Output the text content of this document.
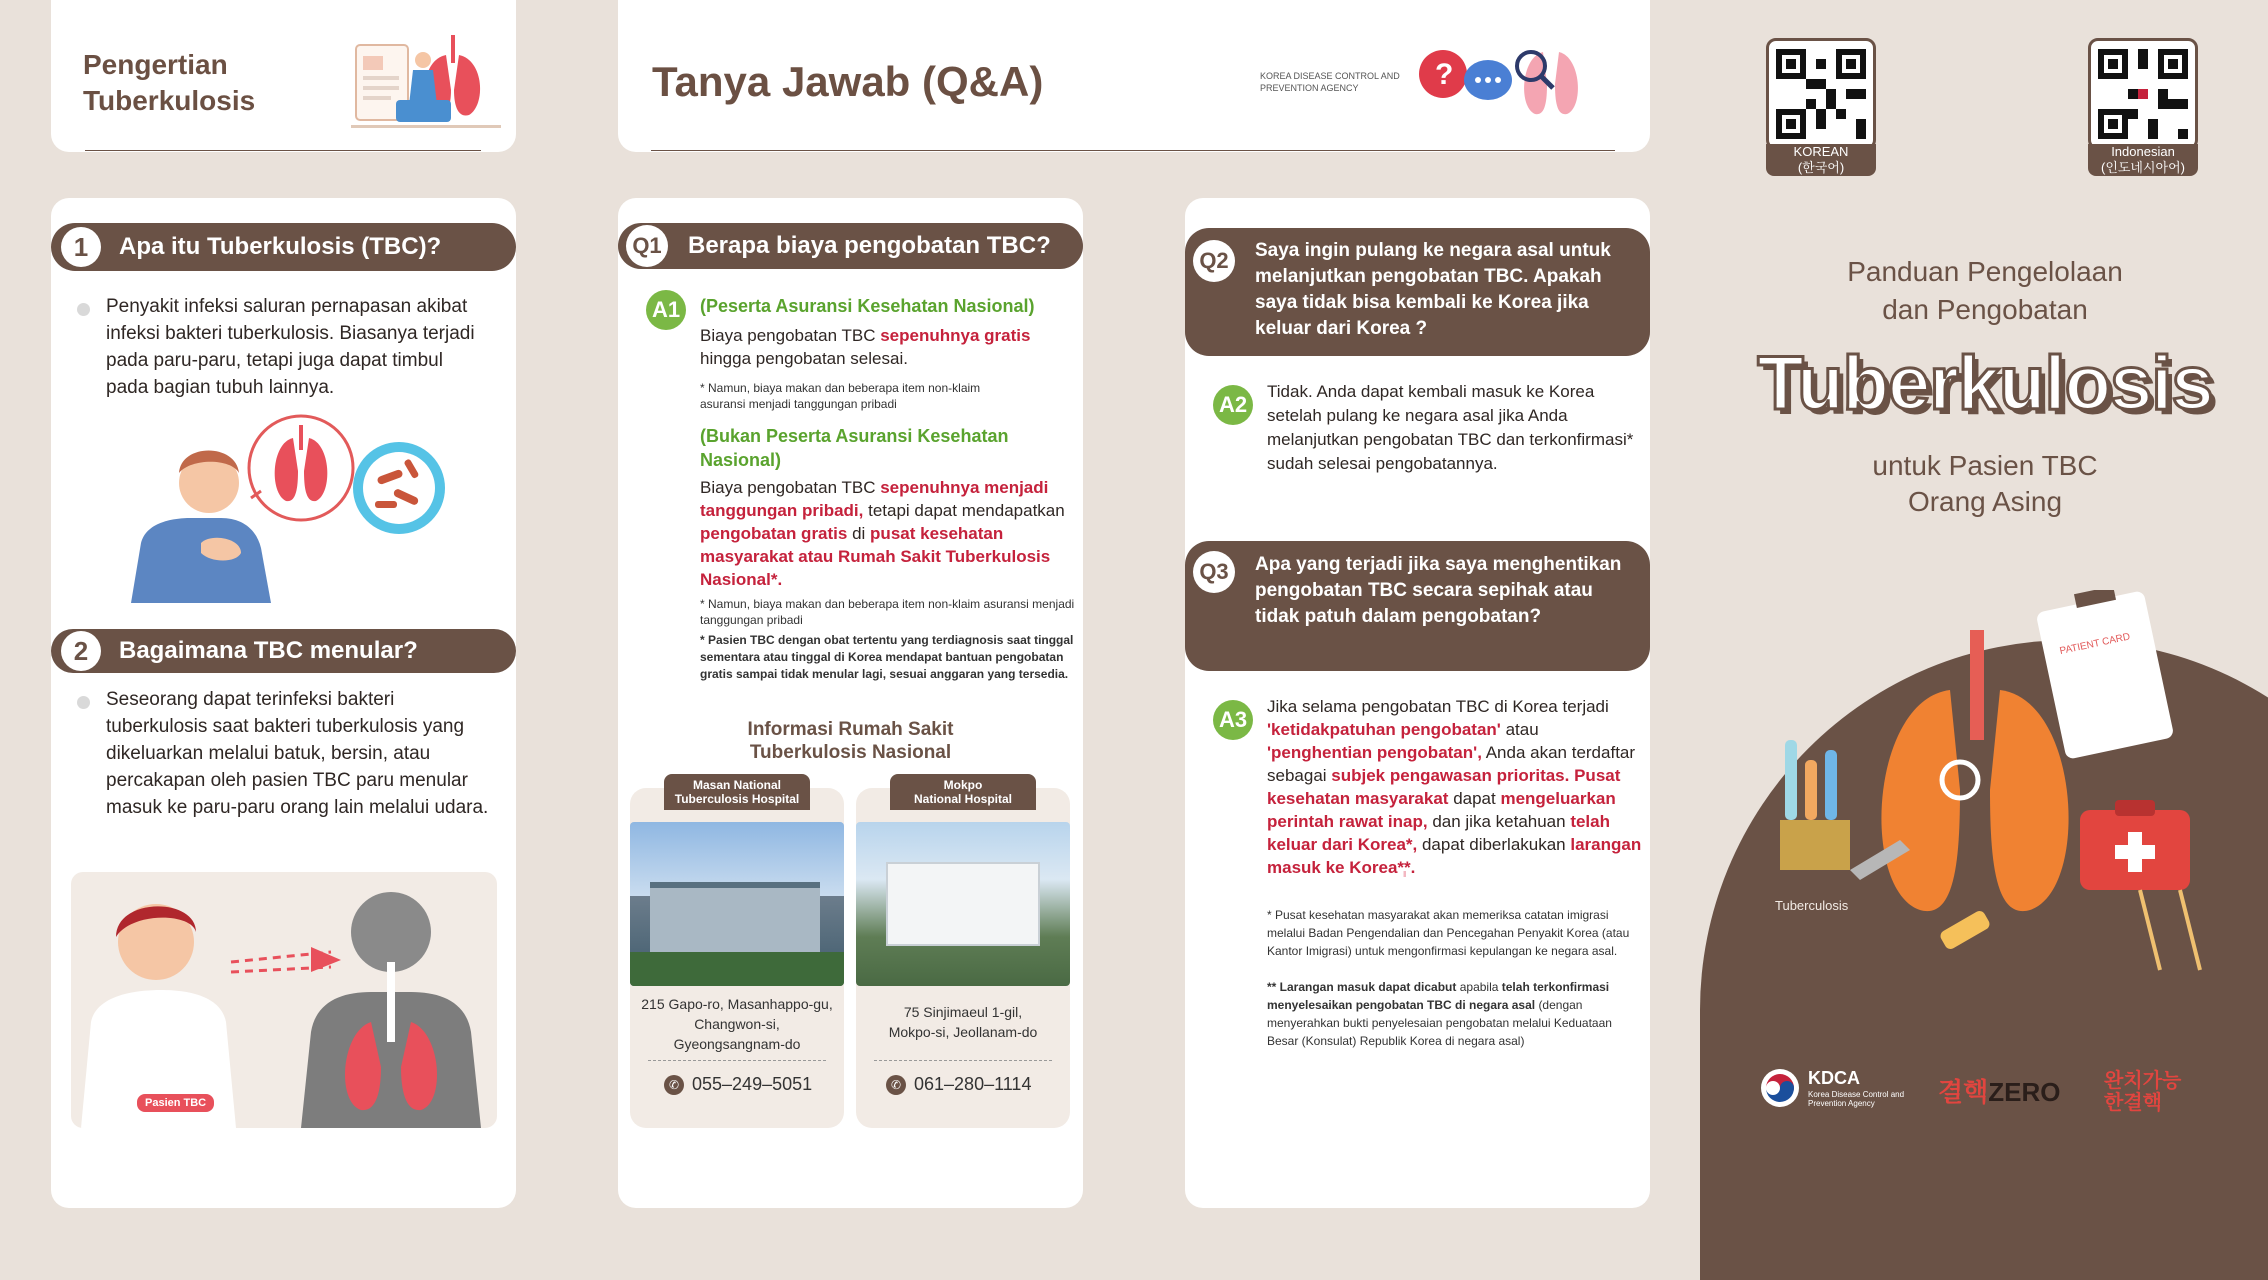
Pengertian
Tuberkulosis
1	Apa itu Tuberkulosis (TBC)?
Penyakit infeksi saluran pernapasan akibat infeksi bakteri tuberkulosis. Biasanya terjadi pada paru-paru, tetapi juga dapat timbul pada bagian tubuh lainnya.
2	Bagaimana TBC menular?
Seseorang dapat terinfeksi bakteri tuberkulosis saat bakteri tuberkulosis yang dikeluarkan melalui batuk, bersin, atau percakapan oleh pasien TBC paru menular masuk ke paru-paru orang lain melalui udara.
Pasien TBC
Tanya Jawab (Q&A)	KOREA DISEASE CONTROL AND PREVENTION AGENCY	?
Q1 Berapa biaya pengobatan TBC?
A1	(Peserta Asuransi Kesehatan Nasional)
Biaya pengobatan TBC sepenuhnya gratis hingga pengobatan selesai.
* Namun, biaya makan dan beberapa item non-klaim asuransi menjadi tanggungan pribadi
(Bukan Peserta Asuransi Kesehatan Nasional)
Biaya pengobatan TBC sepenuhnya menjadi tanggungan pribadi, tetapi dapat mendapatkan pengobatan gratis di pusat kesehatan masyarakat atau Rumah Sakit Tuberkulosis Nasional*.
* Namun, biaya makan dan beberapa item non-klaim asuransi menjadi tanggungan pribadi
* Pasien TBC dengan obat tertentu yang terdiagnosis saat tinggal sementara atau tinggal di Korea mendapat bantuan pengobatan gratis sampai tidak menular lagi, sesuai anggaran yang tersedia.
Informasi Rumah Sakit
Tuberkulosis Nasional
Masan National
Tuberculosis Hospital
215 Gapo-ro, Masanhappo-gu,
Changwon-si,
Gyeongsangnam-do
✆ 055–249–5051
Mokpo
National Hospital
75 Sinjimaeul 1-gil,
Mokpo-si, Jeollanam-do
✆ 061–280–1114
Q2	Saya ingin pulang ke negara asal untuk melanjutkan pengobatan TBC. Apakah saya tidak bisa kembali ke Korea jika keluar dari Korea ?
A2
Tidak. Anda dapat kembali masuk ke Korea setelah pulang ke negara asal jika Anda melanjutkan pengobatan TBC dan terkonfirmasi* sudah selesai pengobatannya.
Q3	Apa yang terjadi jika saya menghentikan pengobatan TBC secara sepihak atau tidak patuh dalam pengobatan?
A3
Jika selama pengobatan TBC di Korea terjadi 'ketidakpatuhan pengobatan' atau 'penghentian pengobatan', Anda akan terdaftar sebagai subjek pengawasan prioritas. Pusat kesehatan masyarakat dapat mengeluarkan perintah rawat inap, dan jika ketahuan telah keluar dari Korea*, dapat diberlakukan larangan masuk ke Korea**.
* Pusat kesehatan masyarakat akan memeriksa catatan imigrasi melalui Badan Pengendalian dan Pencegahan Penyakit Korea (atau Kantor Imigrasi) untuk mengonfirmasi kepulangan ke negara asal.
** Larangan masuk dapat dicabut apabila telah terkonfirmasi menyelesaikan pengobatan TBC di negara asal (dengan menyerahkan bukti penyelesaian pengobatan melalui Keduataan Besar (Konsulat) Republik Korea di negara asal)
KOREAN
(한국어)
Indonesian
(인도네시아어)
Panduan Pengelolaan
dan Pengobatan
Tuberkulosis
untuk Pasien TBC
Orang Asing
PATIENT CARD
Tuberculosis
KDCA
Korea Disease Control and Prevention Agency	결핵ZERO 완치가능한결핵
